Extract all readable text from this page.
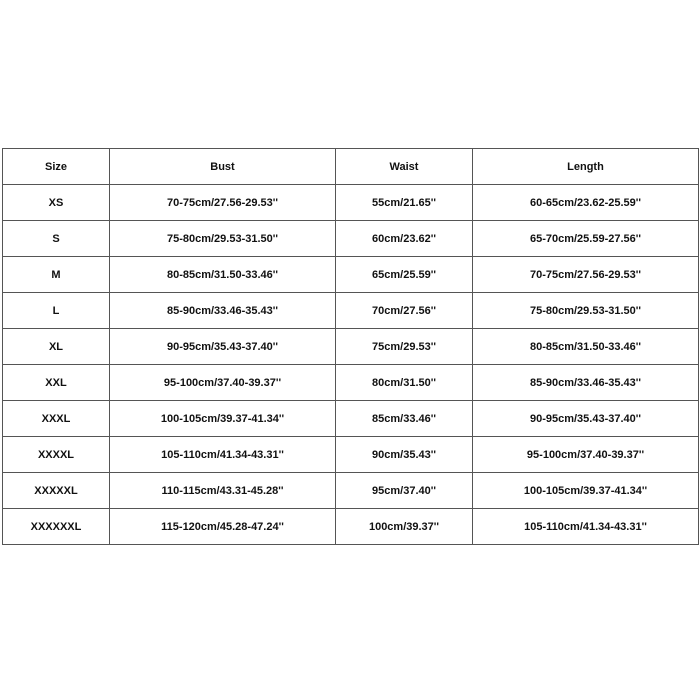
Size	Bust	Waist	Length
XS	70-75cm/27.56-29.53''	55cm/21.65''	60-65cm/23.62-25.59''
S	75-80cm/29.53-31.50''	60cm/23.62''	65-70cm/25.59-27.56''
M	80-85cm/31.50-33.46''	65cm/25.59''	70-75cm/27.56-29.53''
L	85-90cm/33.46-35.43''	70cm/27.56''	75-80cm/29.53-31.50''
XL	90-95cm/35.43-37.40''	75cm/29.53''	80-85cm/31.50-33.46''
XXL	95-100cm/37.40-39.37''	80cm/31.50''	85-90cm/33.46-35.43''
XXXL	100-105cm/39.37-41.34''	85cm/33.46''	90-95cm/35.43-37.40''
XXXXL	105-110cm/41.34-43.31''	90cm/35.43''	95-100cm/37.40-39.37''
XXXXXL	110-115cm/43.31-45.28''	95cm/37.40''	100-105cm/39.37-41.34''
XXXXXXL	115-120cm/45.28-47.24''	100cm/39.37''	105-110cm/41.34-43.31''
